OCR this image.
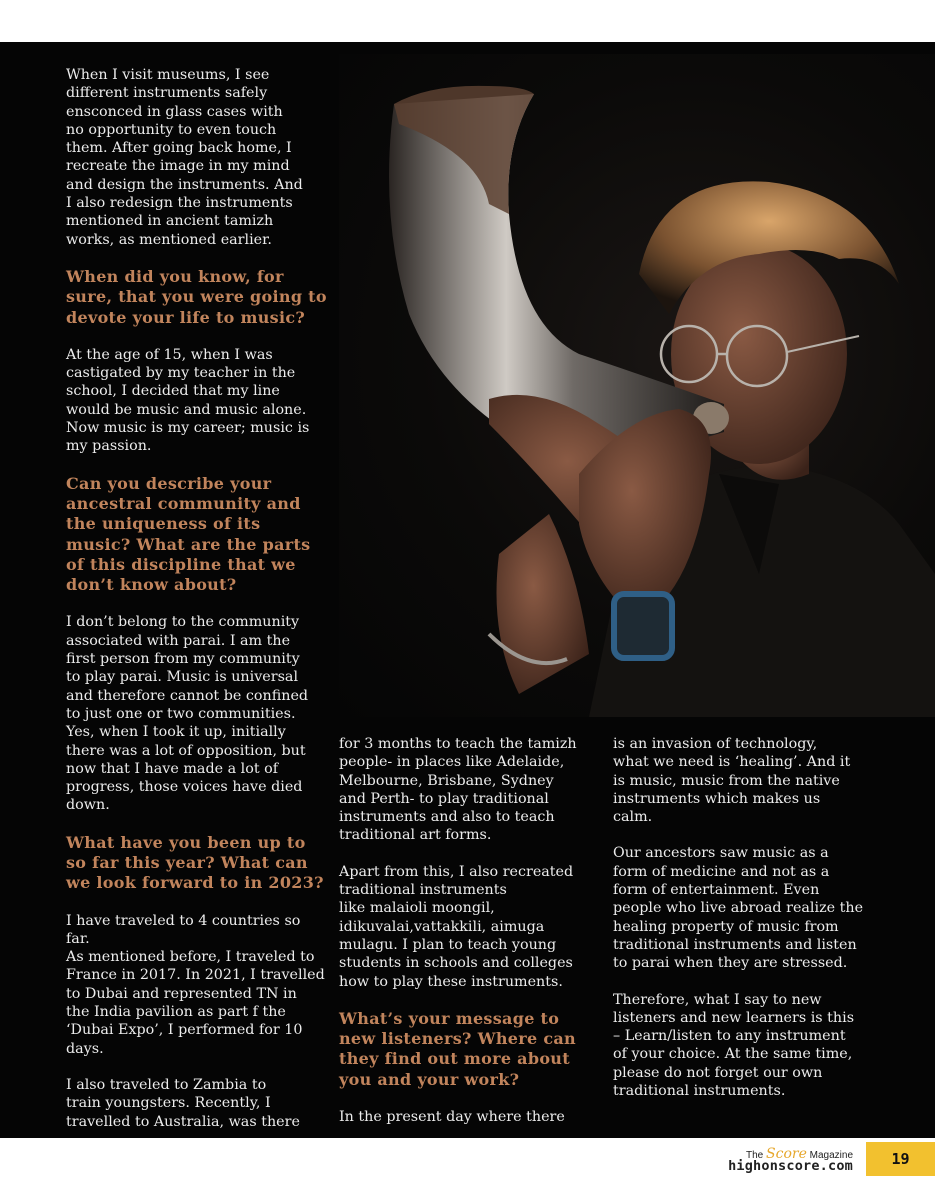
When I visit museums, I see
different instruments safely
ensconced in glass cases with
no opportunity to even touch
them. After going back home, I
recreate the image in my mind
and design the instruments. And
I also redesign the instruments
mentioned in ancient tamizh
works, as mentioned earlier.

When did you know, for sure, that you were going to devote your life to music?

At the age of 15, when I was
castigated by my teacher in the
school, I decided that my line
would be music and music alone.
Now music is my career; music is
my passion.

Can you describe your ancestral community and the uniqueness of its music? What are the parts of this discipline that we don’t know about?

I don’t belong to the community
associated with parai. I am the
first person from my community
to play parai. Music is universal
and therefore cannot be confined
to just one or two communities.
Yes, when I took it up, initially
there was a lot of opposition, but
now that I have made a lot of
progress, those voices have died
down.

What have you been up to so far this year? What can we look forward to in 2023?

I have traveled to 4 countries so
far.
As mentioned before, I traveled to
France in 2017. In 2021, I travelled
to Dubai and represented TN in
the India pavilion as part f the
‘Dubai Expo’, I performed for 10
days.

I also traveled to Zambia to
train youngsters. Recently, I
travelled to Australia, was there

for 3 months to teach the tamizh
people- in places like Adelaide,
Melbourne, Brisbane, Sydney
and Perth- to play traditional
instruments and also to teach
traditional art forms.

Apart from this, I also recreated
traditional instruments
like malaioli moongil,
idikuvalai,vattakkili, aimuga
mulagu. I plan to teach young
students in schools and colleges
how to play these instruments.

What’s your message to new listeners? Where can they find out more about you and your work?

In the present day where there

is an invasion of technology,
what we need is ‘healing’. And it
is music, music from the native
instruments which makes us
calm.

Our ancestors saw music as a
form of medicine and not as a
form of entertainment. Even
people who live abroad realize the
healing property of music from
traditional instruments and listen
to parai when they are stressed.

Therefore, what I say to new
listeners and new learners is this
– Learn/listen to any instrument
of your choice. At the same time,
please do not forget our own
traditional instruments.

The Score Magazine
highonscore.com	19
